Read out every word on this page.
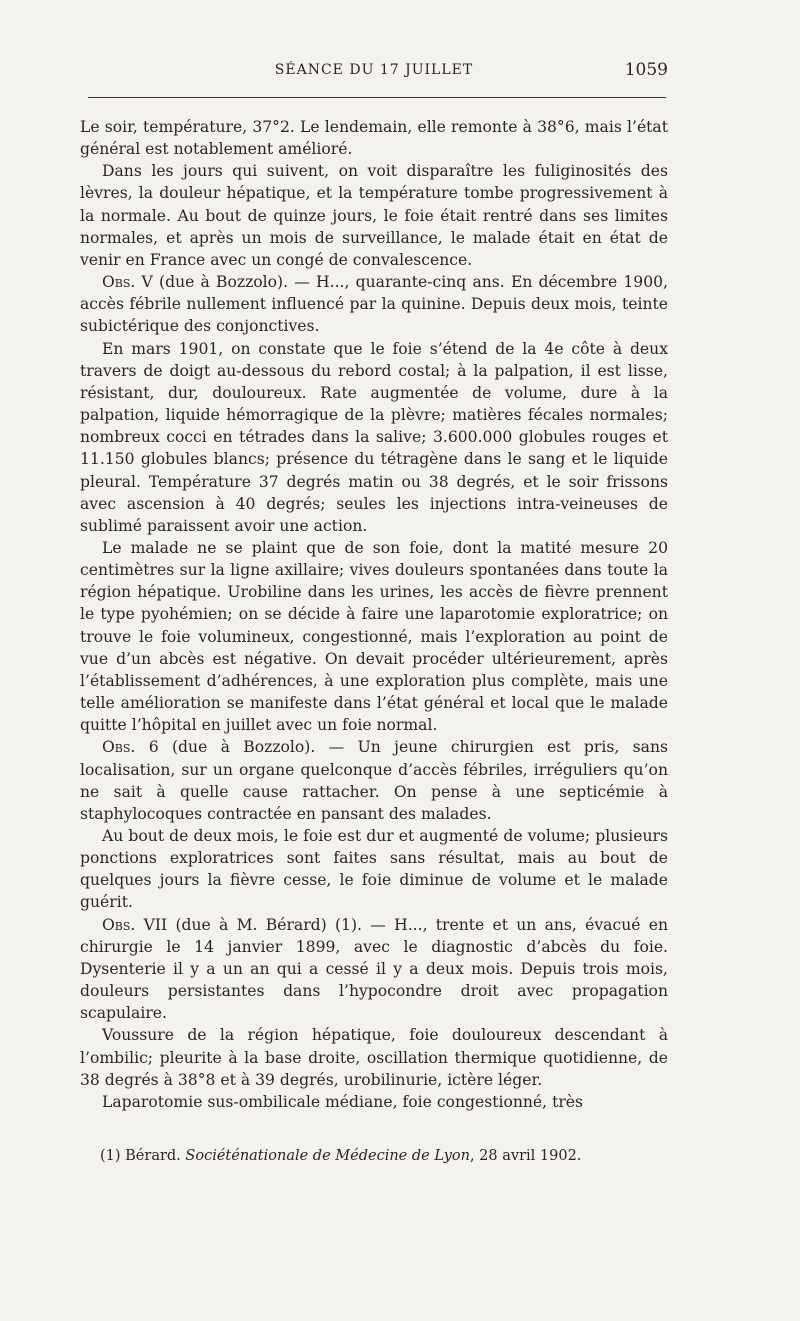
SÉANCE DU 17 JUILLET	1059

Le soir, température, 37°2. Le lendemain, elle remonte à 38°6, mais l’état général est notablement amélioré.

Dans les jours qui suivent, on voit disparaître les fuliginosités des lèvres, la douleur hépatique, et la température tombe progressivement à la normale. Au bout de quinze jours, le foie était rentré dans ses limites normales, et après un mois de surveillance, le malade était en état de venir en France avec un congé de convalescence.

Obs. V (due à Bozzolo). — H..., quarante-cinq ans. En décembre 1900, accès fébrile nullement influencé par la quinine. Depuis deux mois, teinte subictérique des conjonctives.

En mars 1901, on constate que le foie s’étend de la 4e côte à deux travers de doigt au-dessous du rebord costal; à la palpation, il est lisse, résistant, dur, douloureux. Rate augmentée de volume, dure à la palpation, liquide hémorragique de la plèvre; matières fécales normales; nombreux cocci en tétrades dans la salive; 3.600.000 globules rouges et 11.150 globules blancs; présence du tétragène dans le sang et le liquide pleural. Température 37 degrés matin ou 38 degrés, et le soir frissons avec ascension à 40 degrés; seules les injections intra-veineuses de sublimé paraissent avoir une action.

Le malade ne se plaint que de son foie, dont la matité mesure 20 centimètres sur la ligne axillaire; vives douleurs spontanées dans toute la région hépatique. Urobiline dans les urines, les accès de fièvre prennent le type pyohémien; on se décide à faire une laparotomie exploratrice; on trouve le foie volumineux, congestionné, mais l’exploration au point de vue d’un abcès est négative. On devait procéder ultérieurement, après l’établissement d’adhérences, à une exploration plus complète, mais une telle amélioration se manifeste dans l’état général et local que le malade quitte l’hôpital en juillet avec un foie normal.

Obs. 6 (due à Bozzolo). — Un jeune chirurgien est pris, sans localisation, sur un organe quelconque d’accès fébriles, irréguliers qu’on ne sait à quelle cause rattacher. On pense à une septicémie à staphylocoques contractée en pansant des malades.

Au bout de deux mois, le foie est dur et augmenté de volume; plusieurs ponctions exploratrices sont faites sans résultat, mais au bout de quelques jours la fièvre cesse, le foie diminue de volume et le malade guérit.

Obs. VII (due à M. Bérard) (1). — H..., trente et un ans, évacué en chirurgie le 14 janvier 1899, avec le diagnostic d’abcès du foie. Dysenterie il y a un an qui a cessé il y a deux mois. Depuis trois mois, douleurs persistantes dans l’hypocondre droit avec propagation scapulaire.

Voussure de la région hépatique, foie douloureux descendant à l’ombilic; pleurite à la base droite, oscillation thermique quotidienne, de 38 degrés à 38°8 et à 39 degrés, urobilinurie, ictère léger.

Laparotomie sus-ombilicale médiane, foie congestionné, très

(1) Bérard. Sociéténationale de Médecine de Lyon, 28 avril 1902.
